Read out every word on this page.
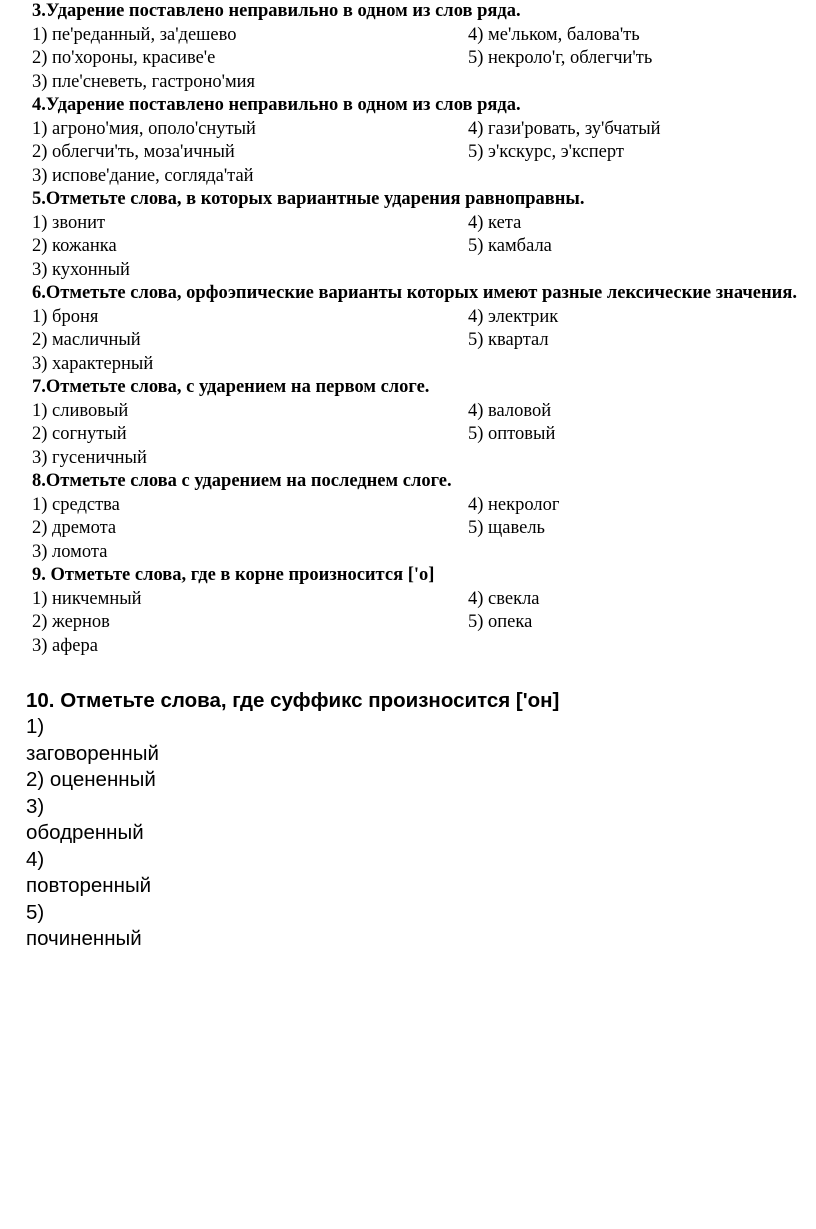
3.Ударение поставлено неправильно в одном из слов ряда.
1) пе'реданный, за'дешево	4) ме'льком, балова'ть
2) по'хороны, красиве'е	5) некроло'г, облегчи'ть
3) пле'сневеть, гастроно'мия
4.Ударение поставлено неправильно в одном из слов ряда.
1) агроно'мия, ополо'снутый	4) гази'ровать, зу'бчатый
2) облегчи'ть, моза'ичный	5) э'кскурс, э'ксперт
3) испове'дание, согляда'тай
5.Отметьте слова, в которых вариантные ударения равноправны.
1) звонит	4) кета
2) кожанка	5) камбала
3) кухонный
6.Отметьте слова, орфоэпические варианты которых имеют разные лексические значения.
1) броня	4) электрик
2) масличный	5) квартал
3) характерный
7.Отметьте слова, с ударением на первом слоге.
1) сливовый	4) валовой
2) согнутый	5) оптовый
3) гусеничный
8.Отметьте слова с ударением на последнем слоге.
1) средства	4) некролог
2) дремота	5) щавель
3) ломота
9. Отметьте слова, где в корне произносится ['о]
1) никчемный	4) свекла
2) жернов	5) опека
3) афера
10. Отметьте слова, где суффикс произносится ['он]
1) заговоренный
2) оцененный
3) ободренный
4) повторенный
5) починенный
